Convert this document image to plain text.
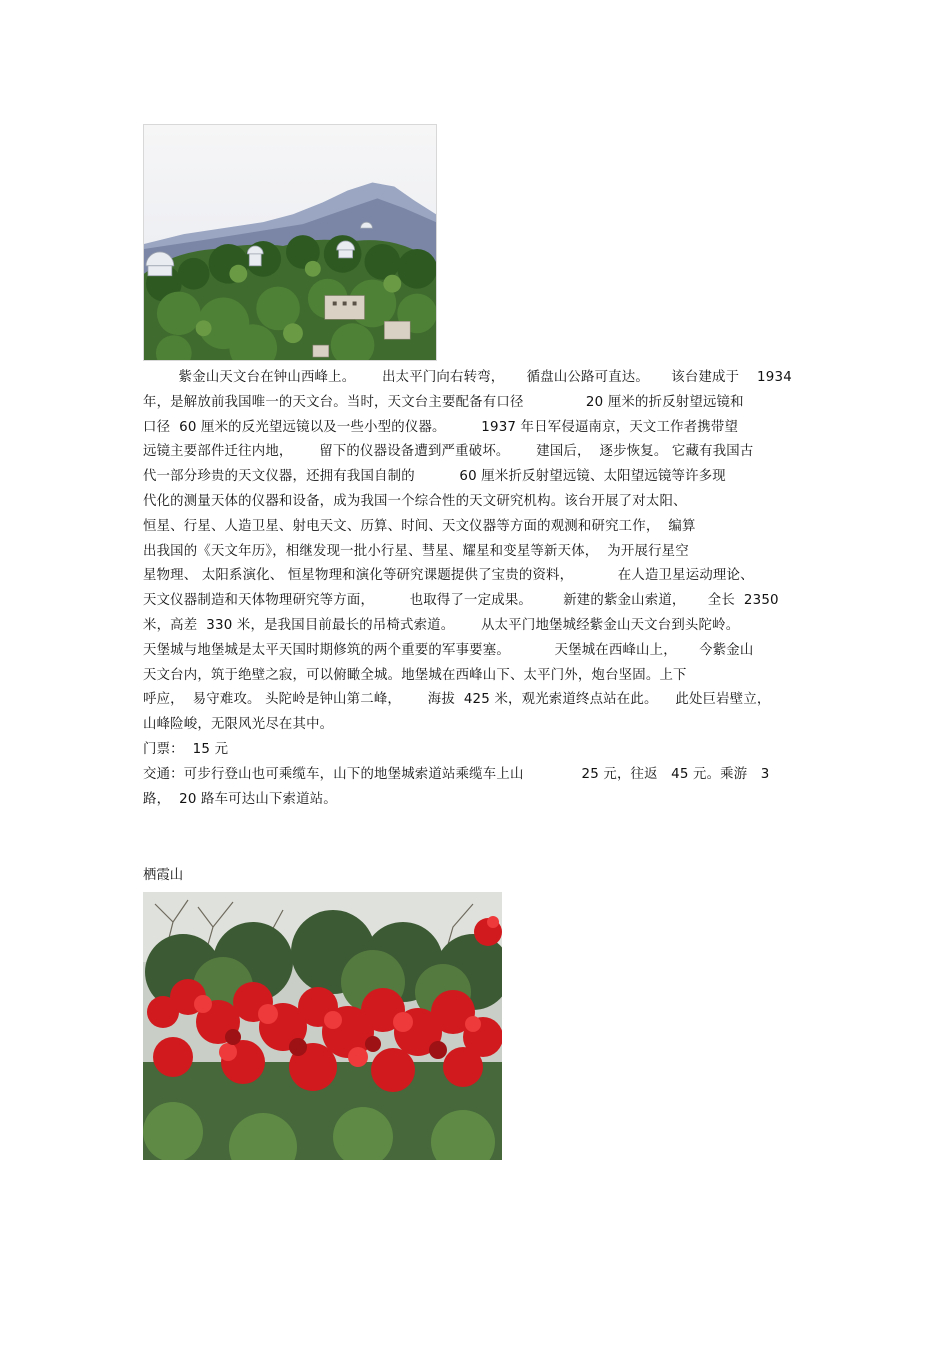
紫金山天文台在钟山西峰上。      出太平门向右转弯，     循盘山公路可直达。     该台建成于    1934
年，是解放前我国唯一的天文台。当时，天文台主要配备有口径              20 厘米的折反射望远镜和
口径  60 厘米的反光望远镜以及一些小型的仪器。        1937 年日军侵逼南京，天文工作者携带望
远镜主要部件迁往内地，      留下的仪器设备遭到严重破坏。      建国后，  逐步恢复。 它藏有我国古
代一部分珍贵的天文仪器，还拥有我国自制的          60 厘米折反射望远镜、太阳望远镜等许多现
代化的测量天体的仪器和设备，成为我国一个综合性的天文研究机构。该台开展了对太阳、
恒星、行星、人造卫星、射电天文、历算、时间、天文仪器等方面的观测和研究工作，  编算
出我国的《天文年历》，相继发现一批小行星、彗星、耀星和变星等新天体，  为开展行星空
星物理、 太阳系演化、 恒星物理和演化等研究课题提供了宝贵的资料，          在人造卫星运动理论、
天文仪器制造和天体物理研究等方面，        也取得了一定成果。       新建的紫金山索道，     全长  2350
米，高差  330 米，是我国目前最长的吊椅式索道。      从太平门地堡城经紫金山天文台到头陀岭。
天堡城与地堡城是太平天国时期修筑的两个重要的军事要塞。          天堡城在西峰山上，     今紫金山
天文台内，筑于绝壁之寂，可以俯瞰全城。地堡城在西峰山下、太平门外，炮台坚固。上下
呼应，  易守难攻。 头陀岭是钟山第二峰，      海拔  425 米，观光索道终点站在此。    此处巨岩壁立，
山峰险峻，无限风光尽在其中。
门票：  15 元
交通：可步行登山也可乘缆车，山下的地堡城索道站乘缆车上山             25 元，往返   45 元。乘游   3
路，  20 路车可达山下索道站。
栖霞山
